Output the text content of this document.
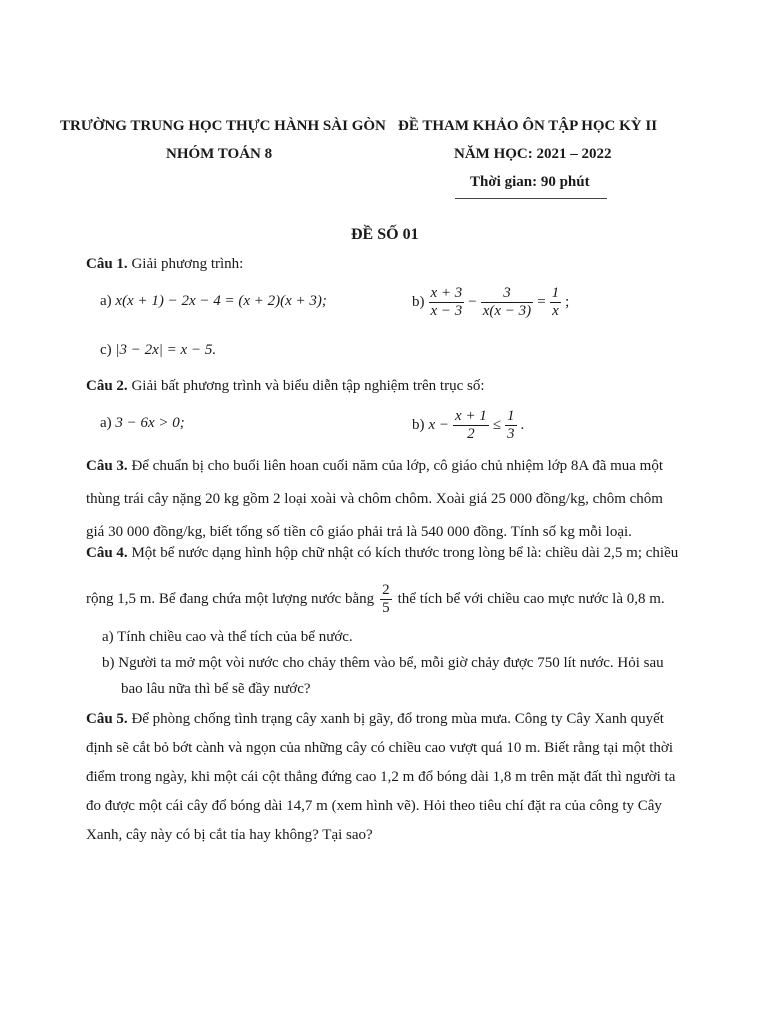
TRƯỜNG TRUNG HỌC THỰC HÀNH SÀI GÒN
NHÓM TOÁN 8
ĐỀ THAM KHẢO ÔN TẬP HỌC KỲ II
NĂM HỌC: 2021 – 2022
Thời gian: 90 phút
ĐỀ SỐ 01
Câu 1. Giải phương trình:
a) x(x + 1) − 2x − 4 = (x + 2)(x + 3);	$b) \frac{x + 3}{x - 3} - \frac{3}{x(x - 3)} = \frac{1}{x}$ ;
c) |3 − 2x| = x − 5.
Câu 2. Giải bất phương trình và biểu diễn tập nghiệm trên trục số:
a) 3 − 6x > 0;	b) $x - \frac{x + 1}{2} \le \frac{1}{3}$ .
Câu 3. Để chuẩn bị cho buổi liên hoan cuối năm của lớp, cô giáo chủ nhiệm lớp 8A đã mua một
thùng trái cây nặng 20 kg gồm 2 loại xoài và chôm chôm. Xoài giá 25 000 đồng/kg, chôm chôm
giá 30 000 đồng/kg, biết tổng số tiền cô giáo phải trả là 540 000 đồng. Tính số kg mỗi loại.
Câu 4. Một bể nước dạng hình hộp chữ nhật có kích thước trong lòng bể là: chiều dài 2,5 m; chiều
rộng 1,5 m. Bể đang chứa một lượng nước bằng $\frac{2}{5}$ thể tích bể với chiều cao mực nước là 0,8 m.
a) Tính chiều cao và thể tích của bể nước.
b) Người ta mở một vòi nước cho chảy thêm vào bể, mỗi giờ chảy được 750 lít nước. Hỏi sau
bao lâu nữa thì bể sẽ đầy nước?
Câu 5. Để phòng chống tình trạng cây xanh bị gãy, đổ trong mùa mưa. Công ty Cây Xanh quyết
định sẽ cắt bỏ bớt cành và ngọn của những cây có chiều cao vượt quá 10 m. Biết rằng tại một thời
điểm trong ngày, khi một cái cột thẳng đứng cao 1,2 m đổ bóng dài 1,8 m trên mặt đất thì người ta
đo được một cái cây đổ bóng dài 14,7 m (xem hình vẽ). Hỏi theo tiêu chí đặt ra của công ty Cây
Xanh, cây này có bị cắt tỉa hay không? Tại sao?
